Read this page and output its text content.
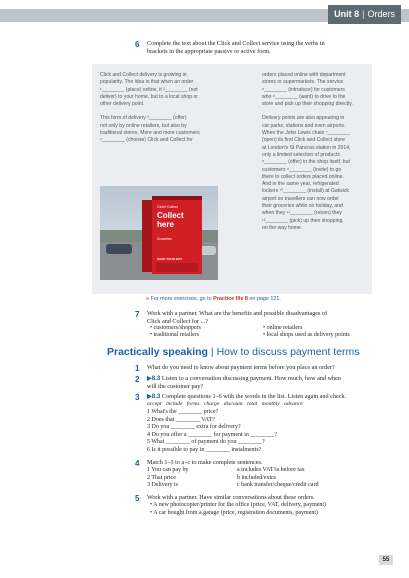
Unit 8 | Orders
6 Complete the text about the Click and Collect service using the verbs in
brackets in the appropriate passive or active form.

Click and Collect delivery is growing in
popularity. The idea is that when an order
¹________ (place) online, it ²________ (not
deliver) to your home, but to a local shop or
other delivery point.

This form of delivery ³________ (offer)
not only by online retailers, but also by
traditional stores. More and more customers
⁴________ (choose) Click and Collect for

orders placed online with department
stores or supermarkets. The service
⁵________ (introduce) for customers
who ⁶________ (want) to drive to the
store and pick up their shopping directly.

Delivery points are also appearing in
car parks, stations and even airports.
When the John Lewis chain ⁷________
(open) its first Click and Collect store
at London's St Pancras station in 2014,
only a limited selection of products
⁸________ (offer) in the shop itself, but
customers ⁹________ (invite) to go
there to collect orders placed online.
And in the same year, refrigerated
lockers ¹⁰________ (install) at Gatwick
airport so travellers can now order
their groceries while on holiday, and
when they ¹¹________ (return) they
¹²________ (pick) up their shopping
on the way home.

Click+Collect
Collect
here
Groceries
SHOP YOUR WAY
» For more exercises, go to Practice file 8 on page 121.
7 Work with a partner. What are the benefits and possible disadvantages of
Click and Collect for ...?
• customers/shoppers
• traditional retailers
• online retailers
• local shops used as delivery points
Practically speaking | How to discuss payment terms
1 What do you need to know about payment terms before you place an order?
2 ▶8.3 Listen to a conversation discussing payment. How much, how and when
will the customer pay?
3 ▶8.3 Complete questions 1–6 with the words in the list. Listen again and check.
accept include forms charge discount total monthly advance
1 What's the ________ price?
2 Does that ________ VAT?
3 Do you ________ extra for delivery?
4 Do you offer a ________ for payment in ________?
5 What ________ of payment do you ________?
6 Is it possible to pay in ________ instalments?
4 Match 1–3 to a–c to make complete sentences.
1 You can pay by
2 That price
3 Delivery is
a includes VAT/is before tax
b included/extra
c bank transfer/cheque/credit card
5 Work with a partner. Have similar conversations about these orders.
• A new photocopier/printer for the office (price, VAT, delivery, payment)
• A car bought from a garage (price, registration documents, payment)
55
